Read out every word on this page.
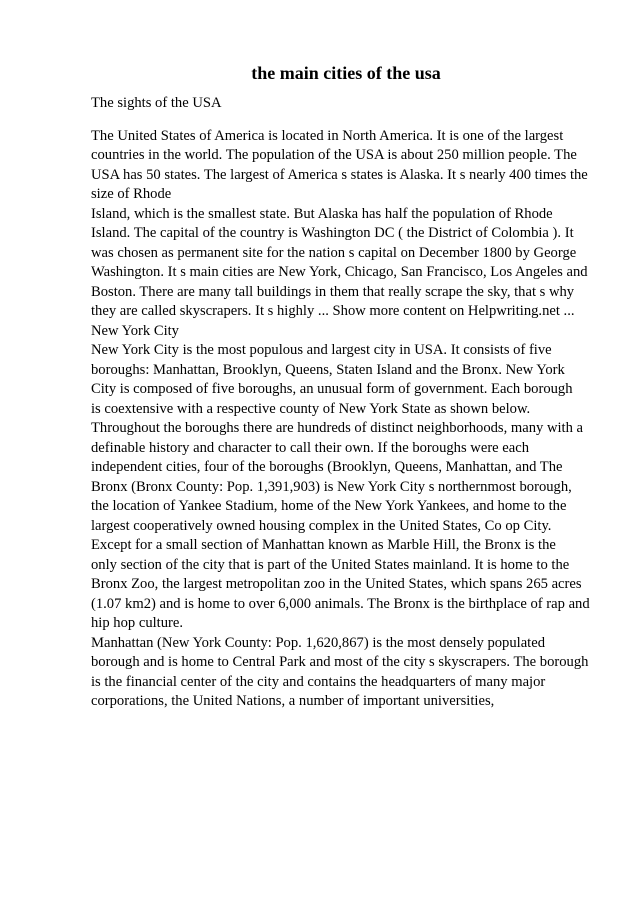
the main cities of the usa
The sights of the USA
The United States of America is located in North America. It is one of the largest
countries in the world. The population of the USA is about 250 million people. The
USA has 50 states. The largest of America s states is Alaska. It s nearly 400 times the
size of Rhode
Island, which is the smallest state. But Alaska has half the population of Rhode
Island. The capital of the country is Washington DC ( the District of Colombia ). It
was chosen as permanent site for the nation s capital on December 1800 by George
Washington. It s main cities are New York, Chicago, San Francisco, Los Angeles and
Boston. There are many tall buildings in them that really scrape the sky, that s why
they are called skyscrapers. It s highly ... Show more content on Helpwriting.net ...
New York City
New York City is the most populous and largest city in USA. It consists of five
boroughs: Manhattan, Brooklyn, Queens, Staten Island and the Bronx. New York
City is composed of five boroughs, an unusual form of government. Each borough
is coextensive with a respective county of New York State as shown below.
Throughout the boroughs there are hundreds of distinct neighborhoods, many with a
definable history and character to call their own. If the boroughs were each
independent cities, four of the boroughs (Brooklyn, Queens, Manhattan, and The
Bronx (Bronx County: Pop. 1,391,903) is New York City s northernmost borough,
the location of Yankee Stadium, home of the New York Yankees, and home to the
largest cooperatively owned housing complex in the United States, Co op City.
Except for a small section of Manhattan known as Marble Hill, the Bronx is the
only section of the city that is part of the United States mainland. It is home to the
Bronx Zoo, the largest metropolitan zoo in the United States, which spans 265 acres
(1.07 km2) and is home to over 6,000 animals. The Bronx is the birthplace of rap and
hip hop culture.
Manhattan (New York County: Pop. 1,620,867) is the most densely populated
borough and is home to Central Park and most of the city s skyscrapers. The borough
is the financial center of the city and contains the headquarters of many major
corporations, the United Nations, a number of important universities,
